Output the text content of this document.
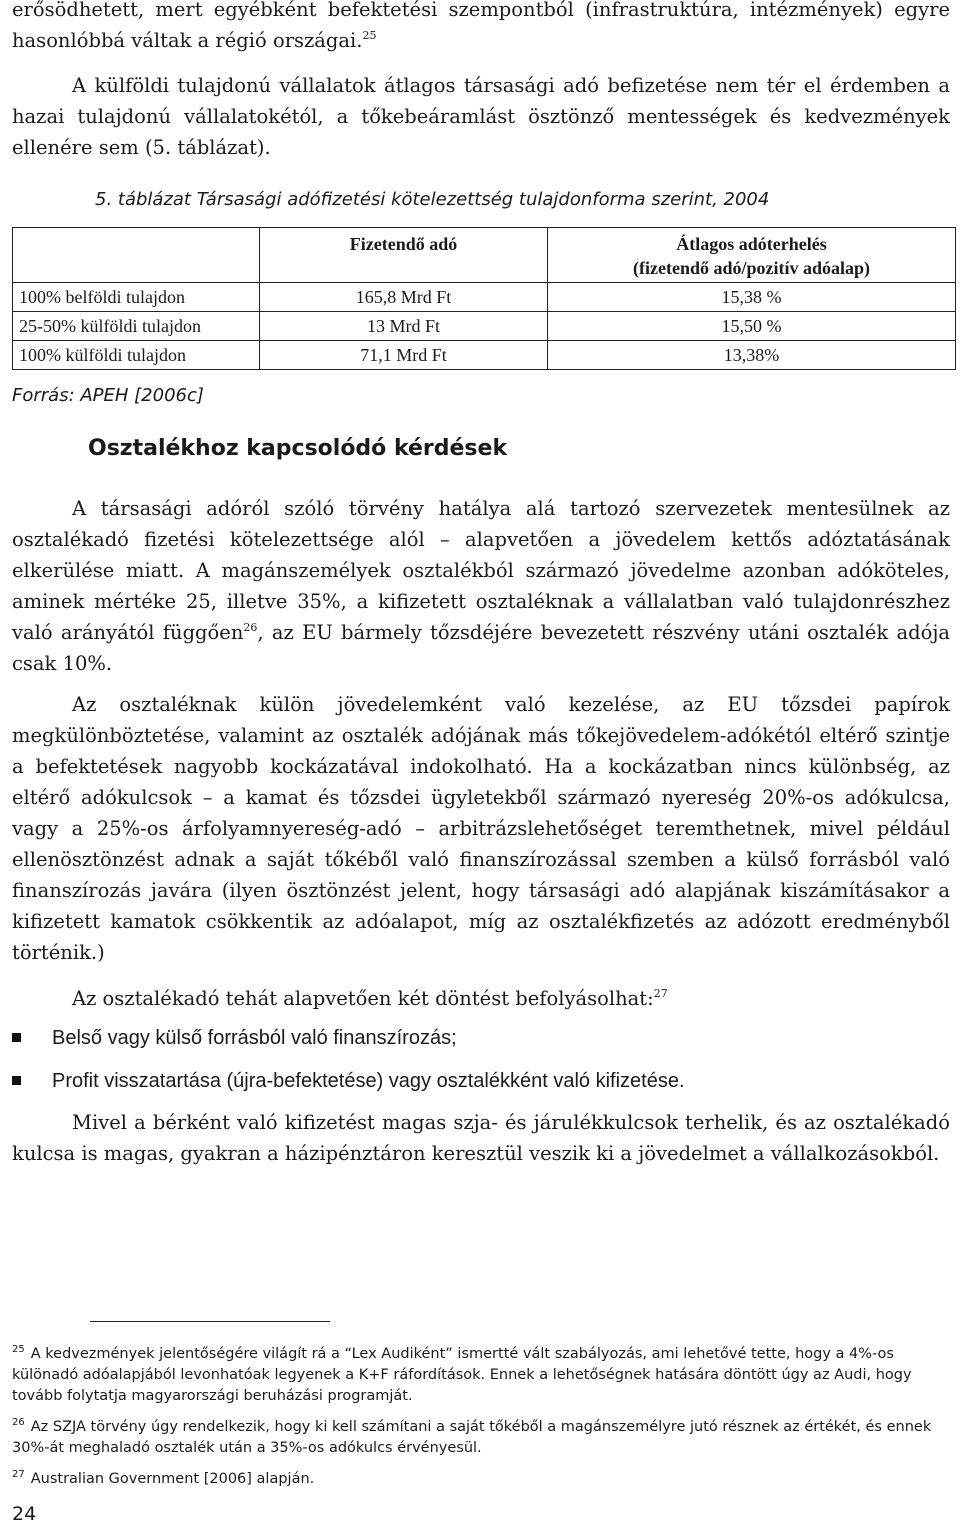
erősödhetett, mert egyébként befektetési szempontból (infrastruktúra, intézmények) egyre hasonlóbbá váltak a régió országai.$^{25}$

A külföldi tulajdonú vállalatok átlagos társasági adó befizetése nem tér el érdemben a hazai tulajdonú vállalatokétól, a tőkebeáramlást ösztönző mentességek és kedvezmények ellenére sem (5. táblázat).

5. táblázat Társasági adófizetési kötelezettség tulajdonforma szerint, 2004
	Fizetendő adó	Átlagos adóterhelés
(fizetendő adó/pozitív adóalap)

100% belföldi tulajdon	165,8 Mrd Ft	15,38 %
25-50% külföldi tulajdon	13 Mrd Ft	15,50 %
100% külföldi tulajdon	71,1 Mrd Ft	13,38%
Forrás: APEH [2006c]
Osztalékhoz kapcsolódó kérdések

A társasági adóról szóló törvény hatálya alá tartozó szervezetek mentesülnek az osztalékadó fizetési kötelezettsége alól – alapvetően a jövedelem kettős adóztatásának elkerülése miatt. A magánszemélyek osztalékból származó jövedelme azonban adóköteles, aminek mértéke 25, illetve 35%, a kifizetett osztaléknak a vállalatban való tulajdonrészhez való arányától függően$^{26}$, az EU bármely tőzsdéjére bevezetett részvény utáni osztalék adója csak 10%.

Az osztaléknak külön jövedelemként való kezelése, az EU tőzsdei papírok megkülönböztetése, valamint az osztalék adójának más tőkejövedelem-adókétól eltérő szintje a befektetések nagyobb kockázatával indokolható. Ha a kockázatban nincs különbség, az eltérő adókulcsok – a kamat és tőzsdei ügyletekből származó nyereség 20%-os adókulcsa, vagy a 25%-os árfolyamnyereség-adó – arbitrázslehetőséget teremthetnek, mivel például ellenösztönzést adnak a saját tőkéből való finanszírozással szemben a külső forrásból való finanszírozás javára (ilyen ösztönzést jelent, hogy társasági adó alapjának kiszámításakor a kifizetett kamatok csökkentik az adóalapot, míg az osztalékfizetés az adózott eredményből történik.)

Az osztalékadó tehát alapvetően két döntést befolyásolhat:$^{27}$

Belső vagy külső forrásból való finanszírozás;
Profit visszatartása (újra-befektetése) vagy osztalékként való kifizetése.

Mivel a bérként való kifizetést magas szja- és járulékkulcsok terhelik, és az osztalékadó kulcsa is magas, gyakran a házipénztáron keresztül veszik ki a jövedelmet a vállalkozásokból.

$^{25}$ A kedvezmények jelentőségére világít rá a “Lex Audiként” ismertté vált szabályozás, ami lehetővé tette, hogy a 4%-os különadó adóalapjából levonhatóak legyenek a K+F ráfordítások. Ennek a lehetőségnek hatására döntött úgy az Audi, hogy tovább folytatja magyarországi beruházási programját.
$^{26}$ Az SZJA törvény úgy rendelkezik, hogy ki kell számítani a saját tőkéből a magánszemélyre jutó résznek az értékét, és ennek 30%-át meghaladó osztalék után a 35%-os adókulcs érvényesül.
$^{27}$ Australian Government [2006] alapján.
24
